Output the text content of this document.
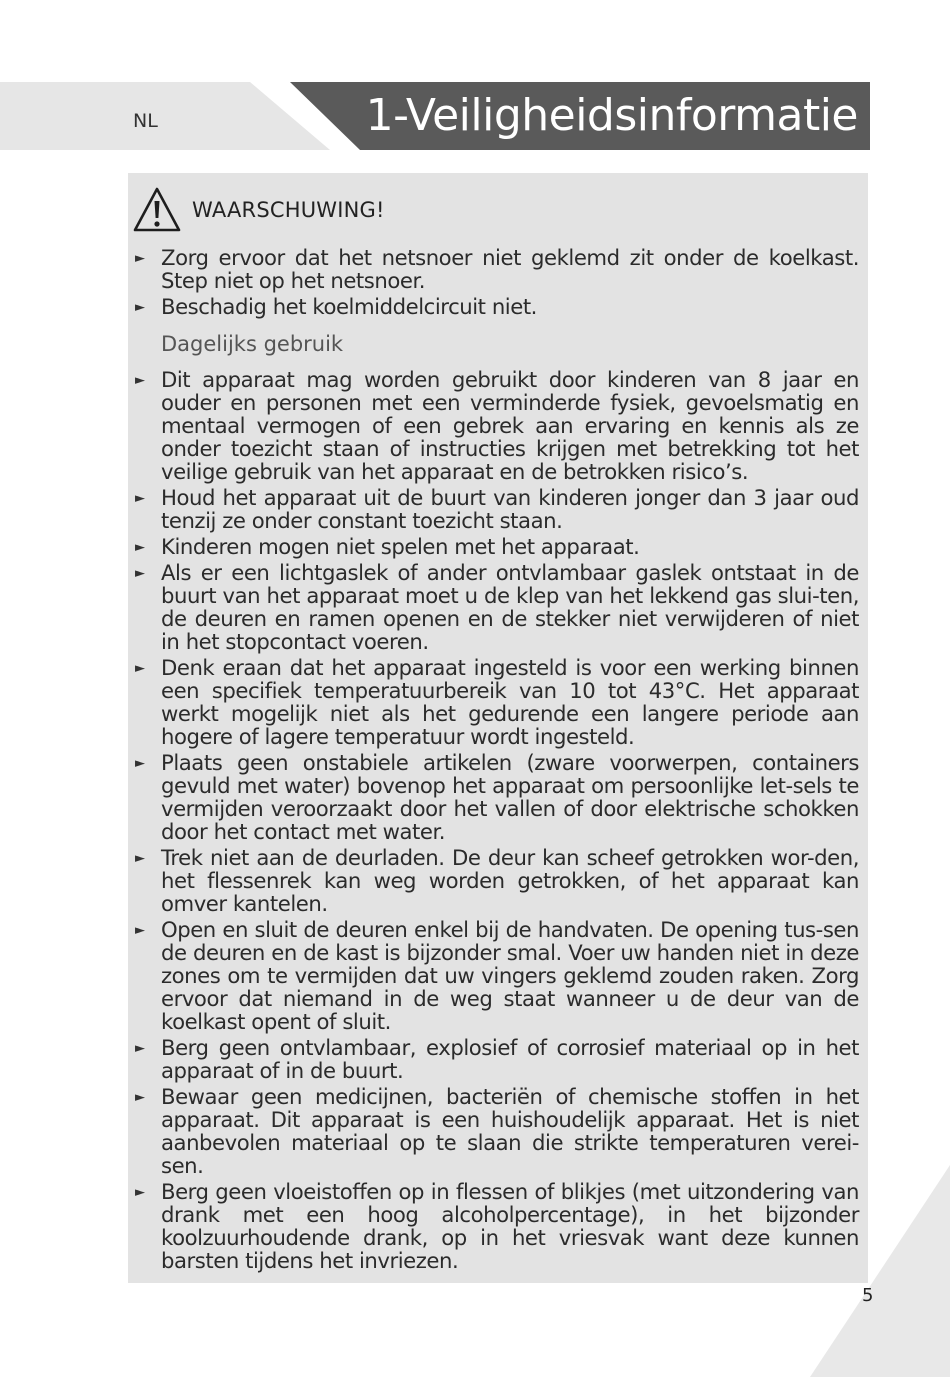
NL	1-Veiligheidsinformatie
WAARSCHUWING!
► Zorg ervoor dat het netsnoer niet geklemd zit onder de koelkast. Step niet op het netsnoer.
► Beschadig het koelmiddelcircuit niet.
Dagelijks gebruik
► Dit apparaat mag worden gebruikt door kinderen van 8 jaar en ouder en personen met een verminderde fysiek, gevoelsmatig en mentaal vermogen of een gebrek aan ervaring en kennis als ze onder toezicht staan of instructies krijgen met betrekking tot het veilige gebruik van het apparaat en de betrokken risico’s.
► Houd het apparaat uit de buurt van kinderen jonger dan 3 jaar oud tenzij ze onder constant toezicht staan.
► Kinderen mogen niet spelen met het apparaat.
► Als er een lichtgaslek of ander ontvlambaar gaslek ontstaat in de buurt van het apparaat moet u de klep van het lekkend gas slui-ten, de deuren en ramen openen en de stekker niet verwijderen of niet in het stopcontact voeren.
► Denk eraan dat het apparaat ingesteld is voor een werking binnen een specifiek temperatuurbereik van 10 tot 43°C. Het apparaat werkt mogelijk niet als het gedurende een langere periode aan hogere of lagere temperatuur wordt ingesteld.
► Plaats geen onstabiele artikelen (zware voorwerpen, containers gevuld met water) bovenop het apparaat om persoonlijke let-sels te vermijden veroorzaakt door het vallen of door elektrische schokken door het contact met water.
► Trek niet aan de deurladen. De deur kan scheef getrokken wor-den, het flessenrek kan weg worden getrokken, of het apparaat kan omver kantelen.
► Open en sluit de deuren enkel bij de handvaten. De opening tus-sen de deuren en de kast is bijzonder smal. Voer uw handen niet in deze zones om te vermijden dat uw vingers geklemd zouden raken. Zorg ervoor dat niemand in de weg staat wanneer u de deur van de koelkast opent of sluit.
► Berg geen ontvlambaar, explosief of corrosief materiaal op in het apparaat of in de buurt.
► Bewaar geen medicijnen, bacteriën of chemische stoffen in het apparaat. Dit apparaat is een huishoudelijk apparaat. Het is niet aanbevolen materiaal op te slaan die strikte temperaturen verei-sen.
► Berg geen vloeistoffen op in flessen of blikjes (met uitzondering van drank met een hoog alcoholpercentage), in het bijzonder koolzuurhoudende drank, op in het vriesvak want deze kunnen barsten tijdens het invriezen.
5
